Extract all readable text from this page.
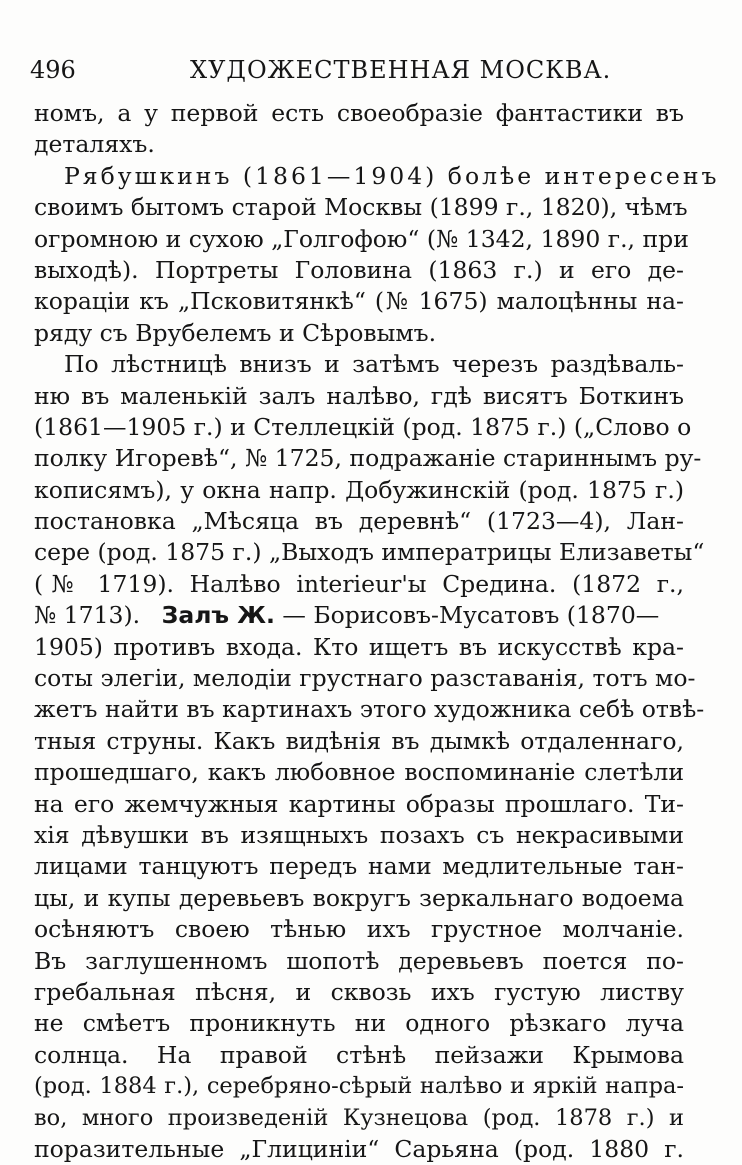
496	ХУДОЖЕСТВЕННАЯ МОСКВА.
номъ, а у первой есть своеобразіе фантастики въ
деталяхъ.
Рябушкинъ (1861—1904) болѣе интересенъ
своимъ бытомъ старой Москвы (1899 г., 1820), чѣмъ
огромною и сухою „Голгофою“ (№ 1342, 1890 г., при
выходѣ). Портреты Головина (1863 г.) и его де-
кораціи къ „Псковитянкѣ“ (№ 1675) малоцѣнны на-
ряду съ Врубелемъ и Сѣровымъ.
По лѣстницѣ внизъ и затѣмъ черезъ раздѣваль-
ню въ маленькій залъ налѣво, гдѣ висятъ Боткинъ
(1861—1905 г.) и Стеллецкій (род. 1875 г.) („Слово о
полку Игоревѣ“, № 1725, подражаніе стариннымъ ру-
кописямъ), у окна напр. Добужинскій (род. 1875 г.)
постановка „Мѣсяца въ деревнѣ“ (1723—4), Лан-
сере (род. 1875 г.) „Выходъ императрицы Елизаветы“
(№ 1719). Налѣво interieur'ы Средина. (1872 г.,
№ 1713). Залъ Ж. — Борисовъ-Мусатовъ (1870—
1905) противъ входа. Кто ищетъ въ искусствѣ кра-
соты элегіи, мелодіи грустнаго разставанія, тотъ мо-
жетъ найти въ картинахъ этого художника себѣ отвѣ-
тныя струны. Какъ видѣнія въ дымкѣ отдаленнаго,
прошедшаго, какъ любовное воспоминаніе слетѣли
на его жемчужныя картины образы прошлаго. Ти-
хія дѣвушки въ изящныхъ позахъ съ некрасивыми
лицами танцуютъ передъ нами медлительные тан-
цы, и купы деревьевъ вокругъ зеркальнаго водоема
осѣняютъ своею тѣнью ихъ грустное молчаніе.
Въ заглушенномъ шопотѣ деревьевъ поется по-
гребальная пѣсня, и сквозь ихъ густую листву
не смѣетъ проникнуть ни одного рѣзкаго луча
солнца. На правой стѣнѣ пейзажи Крымова
(род. 1884 г.), серебряно-сѣрый налѣво и яркій напра-
во, много произведеній Кузнецова (род. 1878 г.) и
поразительные „Глициніи“ Сарьяна (род. 1880 г.
